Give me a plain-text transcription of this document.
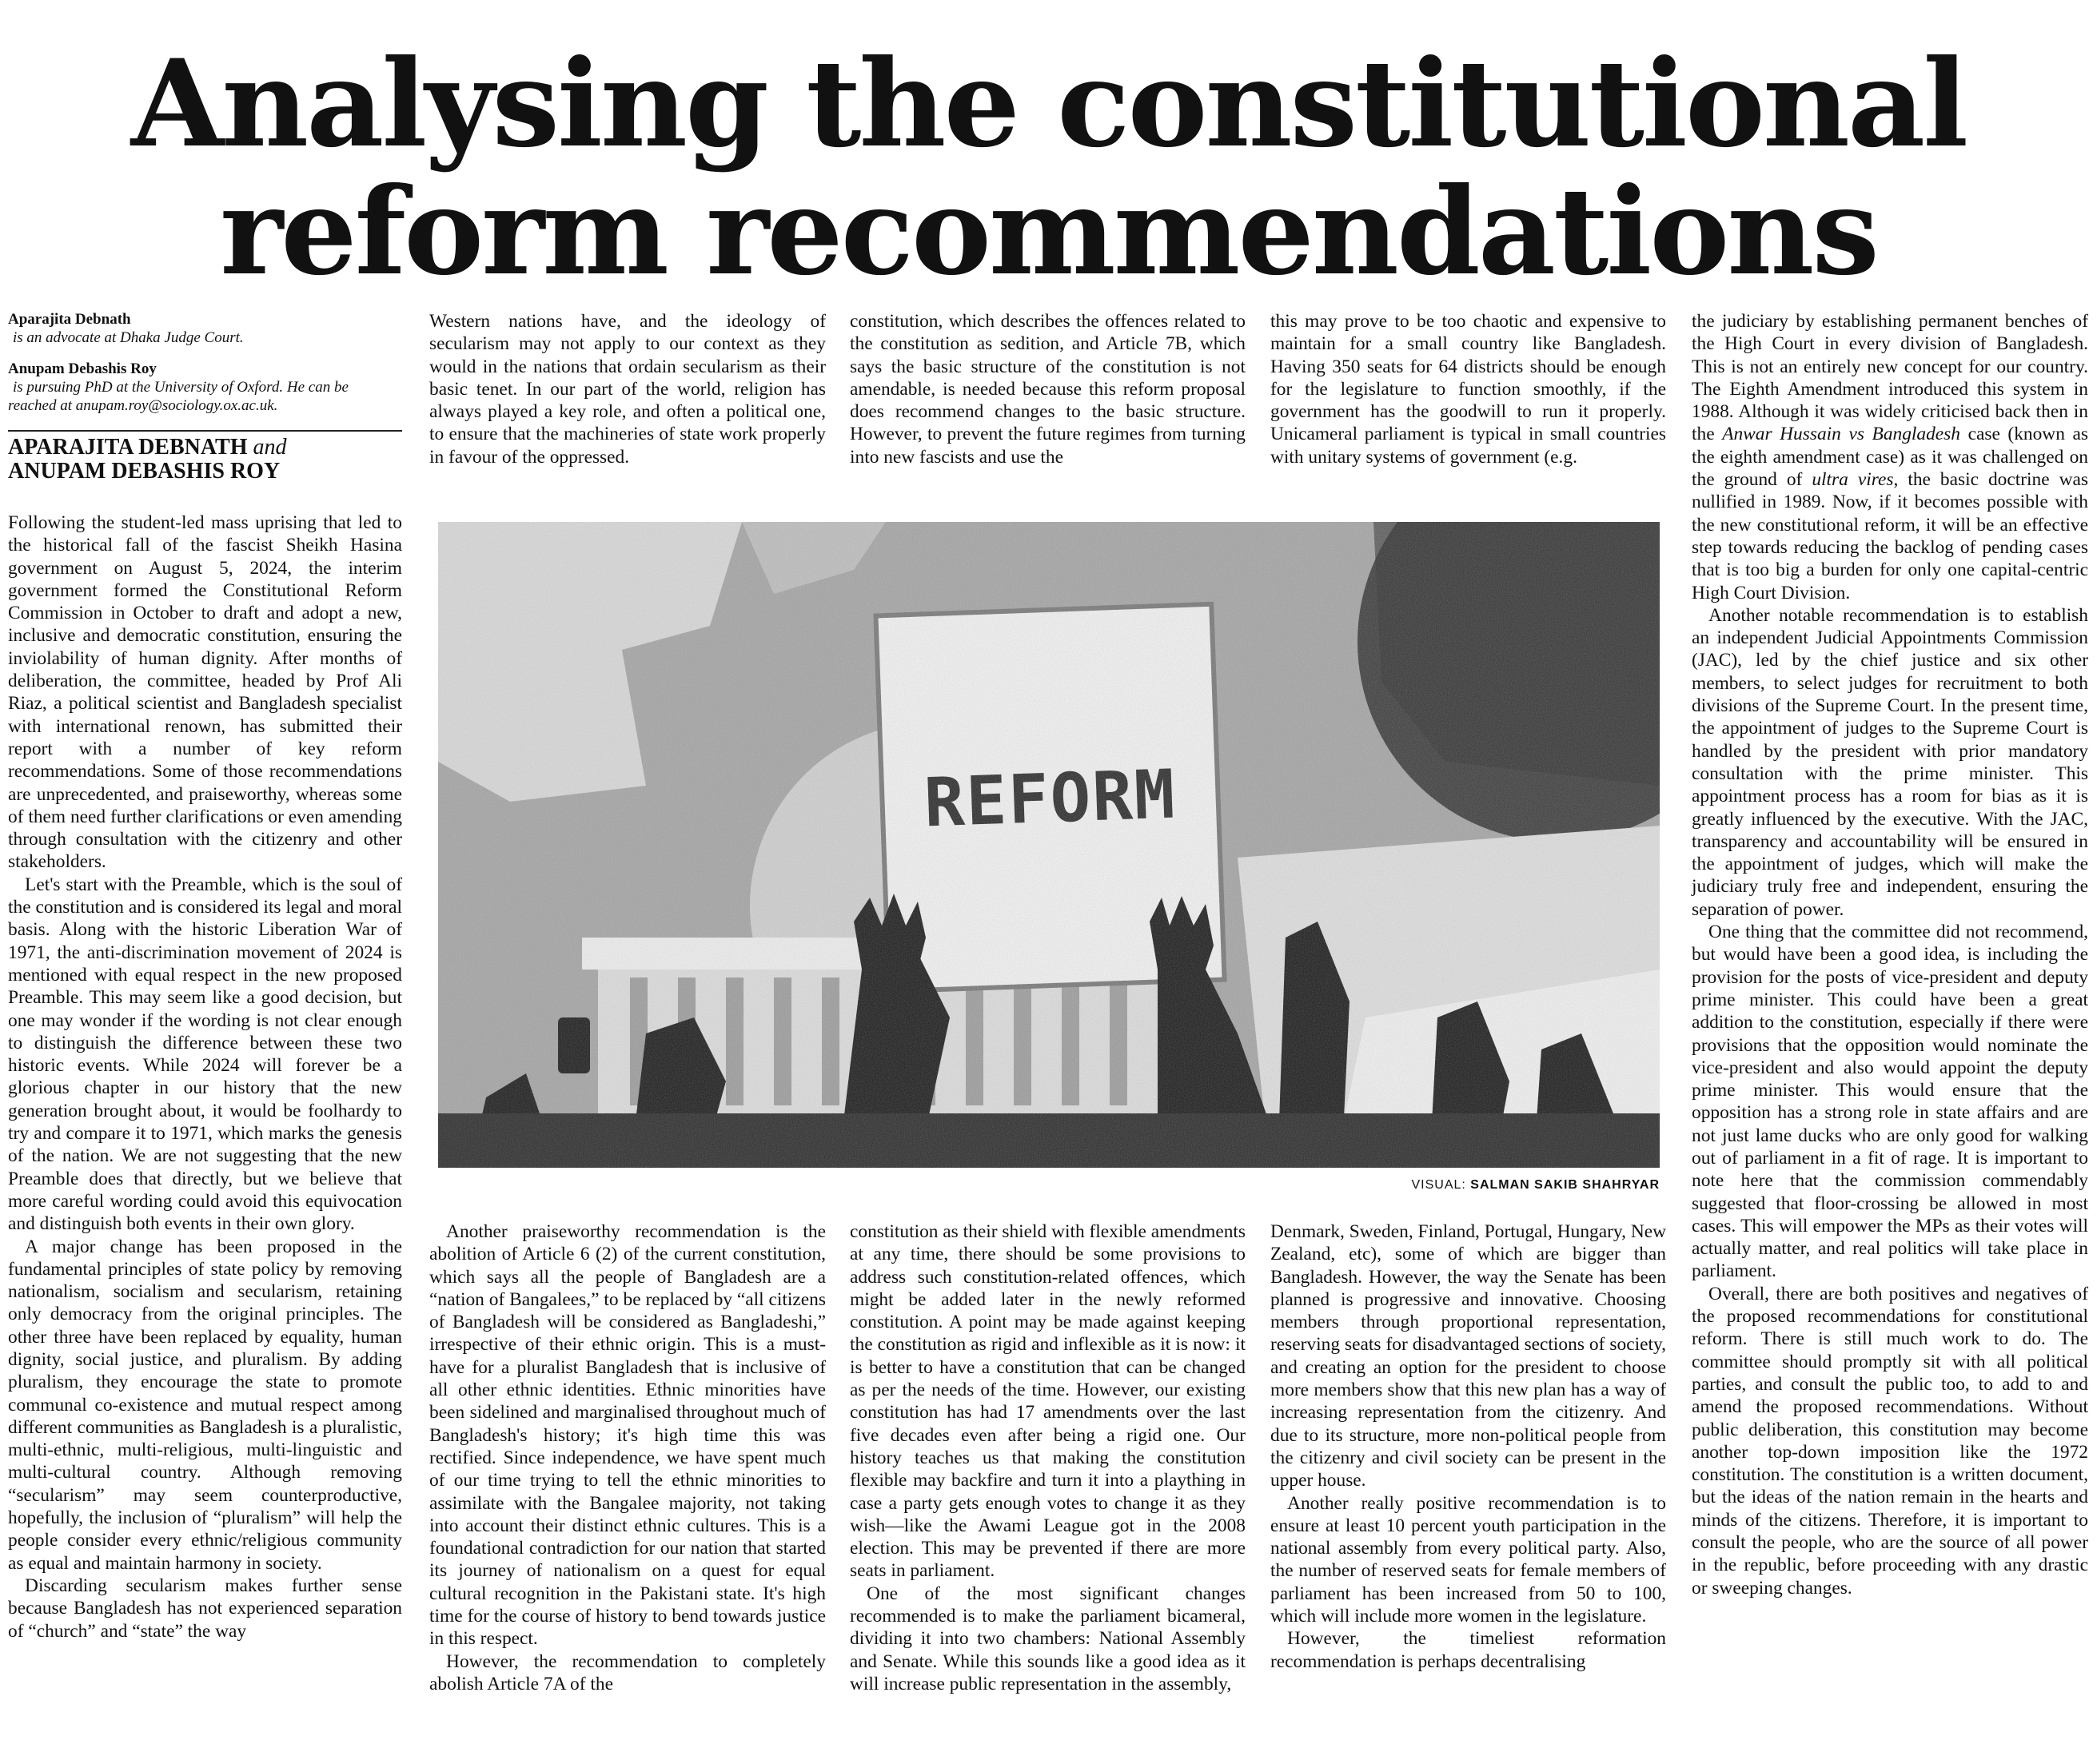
Analysing the constitutional
reform recommendations
Aparajita Debnath
is an advocate at Dhaka Judge Court.
Anupam Debashis Roy
is pursuing PhD at the University of Oxford. He can be
reached at anupam.roy@sociology.ox.ac.uk.
APARAJITA DEBNATH and
ANUPAM DEBASHIS ROY

Following the student-led mass uprising that led to the historical fall of the fascist Sheikh Hasina government on August 5, 2024, the interim government formed the Constitutional Reform Commission in October to draft and adopt a new, inclusive and democratic constitution, ensuring the inviolability of human dignity. After months of deliberation, the committee, headed by Prof Ali Riaz, a political scientist and Bangladesh specialist with international renown, has submitted their report with a number of key reform recommendations. Some of those recommendations are unprecedented, and praiseworthy, whereas some of them need further clarifications or even amending through consultation with the citizenry and other stakeholders.

Let's start with the Preamble, which is the soul of the constitution and is considered its legal and moral basis. Along with the historic Liberation War of 1971, the anti-discrimination movement of 2024 is mentioned with equal respect in the new proposed Preamble. This may seem like a good decision, but one may wonder if the wording is not clear enough to distinguish the difference between these two historic events. While 2024 will forever be a glorious chapter in our history that the new generation brought about, it would be foolhardy to try and compare it to 1971, which marks the genesis of the nation. We are not suggesting that the new Preamble does that directly, but we believe that more careful wording could avoid this equivocation and distinguish both events in their own glory.

A major change has been proposed in the fundamental principles of state policy by removing nationalism, socialism and secularism, retaining only democracy from the original principles. The other three have been replaced by equality, human dignity, social justice, and pluralism. By adding pluralism, they encourage the state to promote communal co-existence and mutual respect among different communities as Bangladesh is a pluralistic, multi-ethnic, multi-religious, multi-linguistic and multi-cultural country. Although removing “secularism” may seem counterproductive, hopefully, the inclusion of “pluralism” will help the people consider every ethnic/religious community as equal and maintain harmony in society.

Discarding secularism makes further sense because Bangladesh has not experienced separation of “church” and “state” the way

Western nations have, and the ideology of secularism may not apply to our context as they would in the nations that ordain secularism as their basic tenet. In our part of the world, religion has always played a key role, and often a political one, to ensure that the machineries of state work properly in favour of the oppressed.

constitution, which describes the offences related to the constitution as sedition, and Article 7B, which says the basic structure of the constitution is not amendable, is needed because this reform proposal does recommend changes to the basic structure. However, to prevent the future regimes from turning into new fascists and use the

this may prove to be too chaotic and expensive to maintain for a small country like Bangladesh. Having 350 seats for 64 districts should be enough for the legislature to function smoothly, if the government has the goodwill to run it properly. Unicameral parliament is typical in small countries with unitary systems of government (e.g.

VISUAL: SALMAN SAKIB SHAHRYAR

Another praiseworthy recommendation is the abolition of Article 6 (2) of the current constitution, which says all the people of Bangladesh are a “nation of Bangalees,” to be replaced by “all citizens of Bangladesh will be considered as Bangladeshi,” irrespective of their ethnic origin. This is a must-have for a pluralist Bangladesh that is inclusive of all other ethnic identities. Ethnic minorities have been sidelined and marginalised throughout much of Bangladesh's history; it's high time this was rectified. Since independence, we have spent much of our time trying to tell the ethnic minorities to assimilate with the Bangalee majority, not taking into account their distinct ethnic cultures. This is a foundational contradiction for our nation that started its journey of nationalism on a quest for equal cultural recognition in the Pakistani state. It's high time for the course of history to bend towards justice in this respect.

However, the recommendation to completely abolish Article 7A of the

constitution as their shield with flexible amendments at any time, there should be some provisions to address such constitution-related offences, which might be added later in the newly reformed constitution. A point may be made against keeping the constitution as rigid and inflexible as it is now: it is better to have a constitution that can be changed as per the needs of the time. However, our existing constitution has had 17 amendments over the last five decades even after being a rigid one. Our history teaches us that making the constitution flexible may backfire and turn it into a plaything in case a party gets enough votes to change it as they wish—like the Awami League got in the 2008 election. This may be prevented if there are more seats in parliament.

One of the most significant changes recommended is to make the parliament bicameral, dividing it into two chambers: National Assembly and Senate. While this sounds like a good idea as it will increase public representation in the assembly,

Denmark, Sweden, Finland, Portugal, Hungary, New Zealand, etc), some of which are bigger than Bangladesh. However, the way the Senate has been planned is progressive and innovative. Choosing members through proportional representation, reserving seats for disadvantaged sections of society, and creating an option for the president to choose more members show that this new plan has a way of increasing representation from the citizenry. And due to its structure, more non-political people from the citizenry and civil society can be present in the upper house.

Another really positive recommendation is to ensure at least 10 percent youth participation in the national assembly from every political party. Also, the number of reserved seats for female members of parliament has been increased from 50 to 100, which will include more women in the legislature.

However, the timeliest reformation recommendation is perhaps decentralising

the judiciary by establishing permanent benches of the High Court in every division of Bangladesh. This is not an entirely new concept for our country. The Eighth Amendment introduced this system in 1988. Although it was widely criticised back then in the Anwar Hussain vs Bangladesh case (known as the eighth amendment case) as it was challenged on the ground of ultra vires, the basic doctrine was nullified in 1989. Now, if it becomes possible with the new constitutional reform, it will be an effective step towards reducing the backlog of pending cases that is too big a burden for only one capital-centric High Court Division.

Another notable recommendation is to establish an independent Judicial Appointments Commission (JAC), led by the chief justice and six other members, to select judges for recruitment to both divisions of the Supreme Court. In the present time, the appointment of judges to the Supreme Court is handled by the president with prior mandatory consultation with the prime minister. This appointment process has a room for bias as it is greatly influenced by the executive. With the JAC, transparency and accountability will be ensured in the appointment of judges, which will make the judiciary truly free and independent, ensuring the separation of power.

One thing that the committee did not recommend, but would have been a good idea, is including the provision for the posts of vice-president and deputy prime minister. This could have been a great addition to the constitution, especially if there were provisions that the opposition would nominate the vice-president and also would appoint the deputy prime minister. This would ensure that the opposition has a strong role in state affairs and are not just lame ducks who are only good for walking out of parliament in a fit of rage. It is important to note here that the commission commendably suggested that floor-crossing be allowed in most cases. This will empower the MPs as their votes will actually matter, and real politics will take place in parliament.

Overall, there are both positives and negatives of the proposed recommendations for constitutional reform. There is still much work to do. The committee should promptly sit with all political parties, and consult the public too, to add to and amend the proposed recommendations. Without public deliberation, this constitution may become another top-down imposition like the 1972 constitution. The constitution is a written document, but the ideas of the nation remain in the hearts and minds of the citizens. Therefore, it is important to consult the people, who are the source of all power in the republic, before proceeding with any drastic or sweeping changes.
